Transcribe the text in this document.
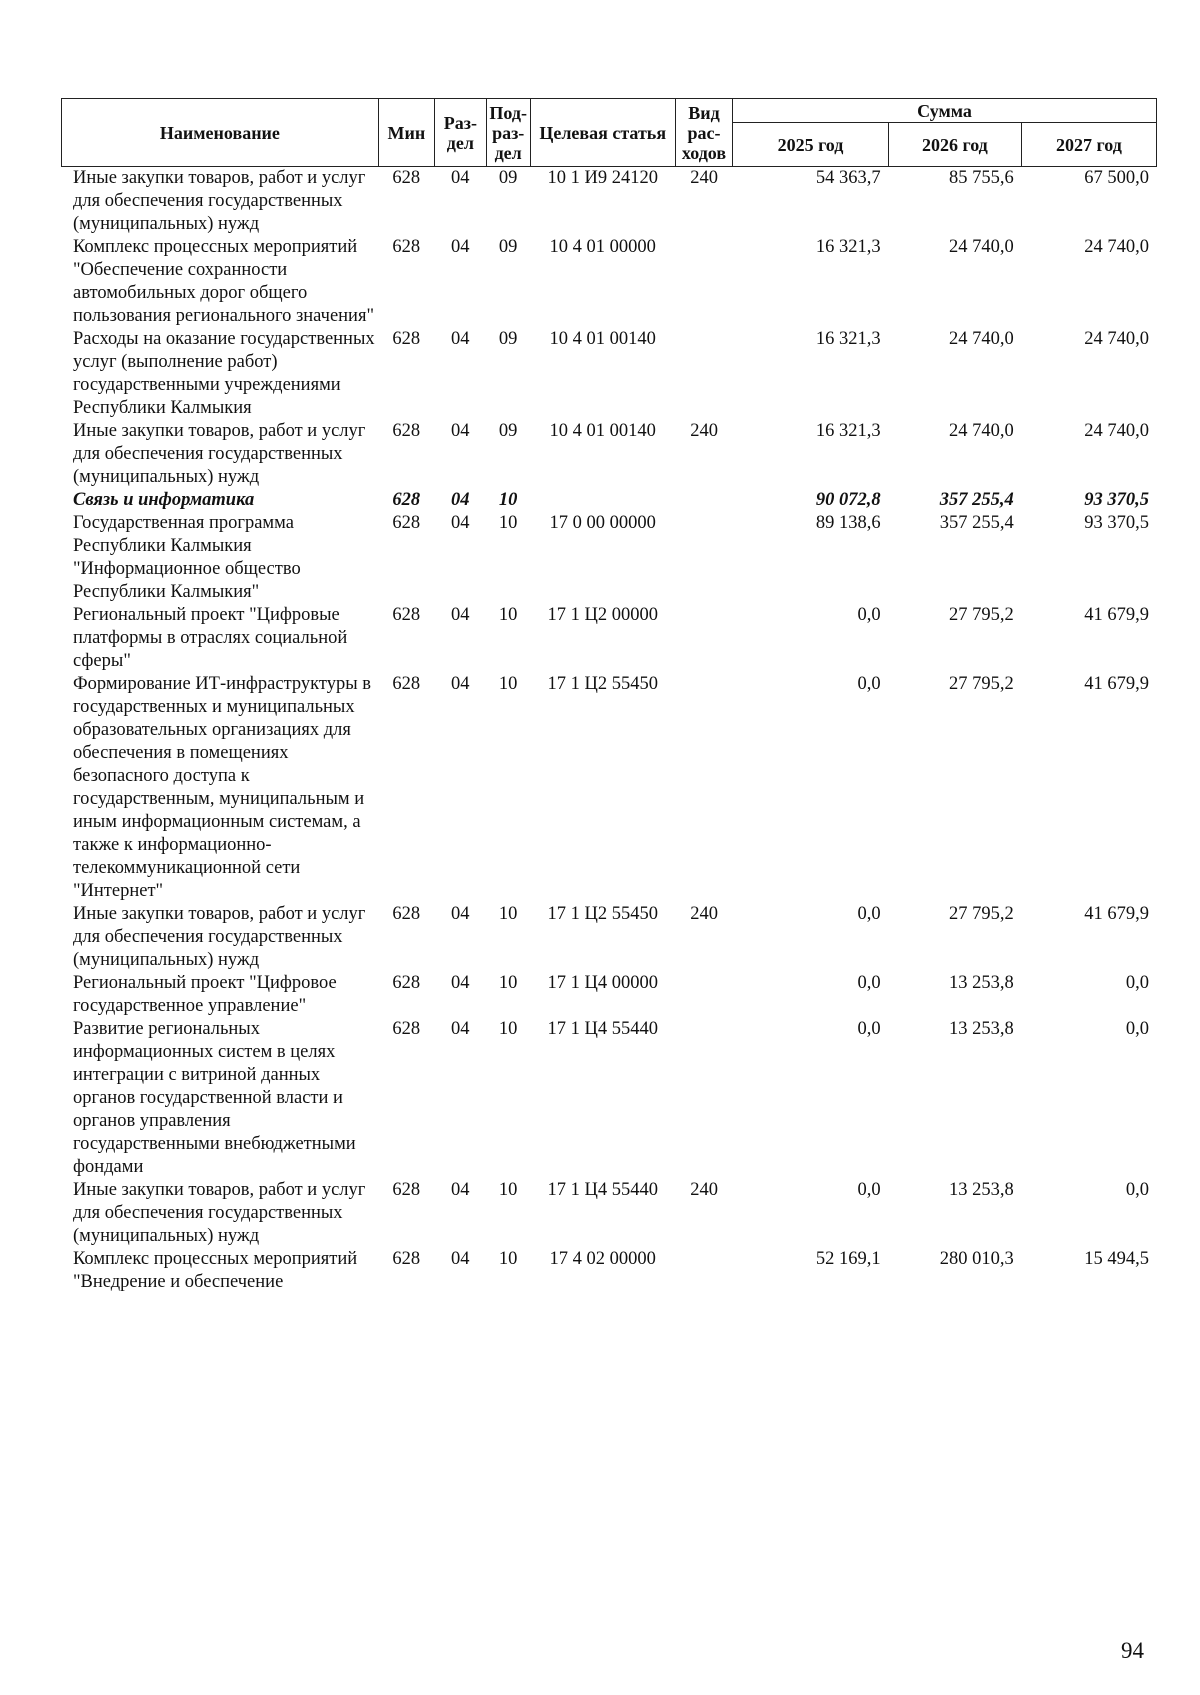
Наименование	Мин	Раз-дел	Под-раз-дел	Целевая статья	Вид рас-ходов	Сумма		
						2025 год	2026 год	2027 год
Иные закупки товаров, работ и услуг для обеспечения государственных (муниципальных) нужд	628	04	09	10 1 И9 24120	240	54 363,7	85 755,6	67 500,0
Комплекс процессных мероприятий "Обеспечение сохранности автомобильных дорог общего пользования регионального значения"	628	04	09	10 4 01 00000		16 321,3	24 740,0	24 740,0
Расходы на оказание государственных услуг (выполнение работ) государственными учреждениями Республики Калмыкия	628	04	09	10 4 01 00140		16 321,3	24 740,0	24 740,0
Иные закупки товаров, работ и услуг для обеспечения государственных (муниципальных) нужд	628	04	09	10 4 01 00140	240	16 321,3	24 740,0	24 740,0
Связь и информатика	628	04	10			90 072,8	357 255,4	93 370,5
Государственная программа Республики Калмыкия "Информационное общество Республики Калмыкия"	628	04	10	17 0 00 00000		89 138,6	357 255,4	93 370,5
Региональный проект "Цифровые платформы в отраслях социальной сферы"	628	04	10	17 1 Ц2 00000		0,0	27 795,2	41 679,9
Формирование ИТ-инфраструктуры в государственных и муниципальных образовательных организациях для обеспечения в помещениях безопасного доступа к государственным, муниципальным и иным информационным системам, а также к информационно-телекоммуникационной сети "Интернет"	628	04	10	17 1 Ц2 55450		0,0	27 795,2	41 679,9
Иные закупки товаров, работ и услуг для обеспечения государственных (муниципальных) нужд	628	04	10	17 1 Ц2 55450	240	0,0	27 795,2	41 679,9
Региональный проект "Цифровое государственное управление"	628	04	10	17 1 Ц4 00000		0,0	13 253,8	0,0
Развитие региональных информационных систем в целях интеграции с витриной данных органов государственной власти и органов управления государственными внебюджетными фондами	628	04	10	17 1 Ц4 55440		0,0	13 253,8	0,0
Иные закупки товаров, работ и услуг для обеспечения государственных (муниципальных) нужд	628	04	10	17 1 Ц4 55440	240	0,0	13 253,8	0,0
Комплекс процессных мероприятий "Внедрение и обеспечение	628	04	10	17 4 02 00000		52 169,1	280 010,3	15 494,5
94
